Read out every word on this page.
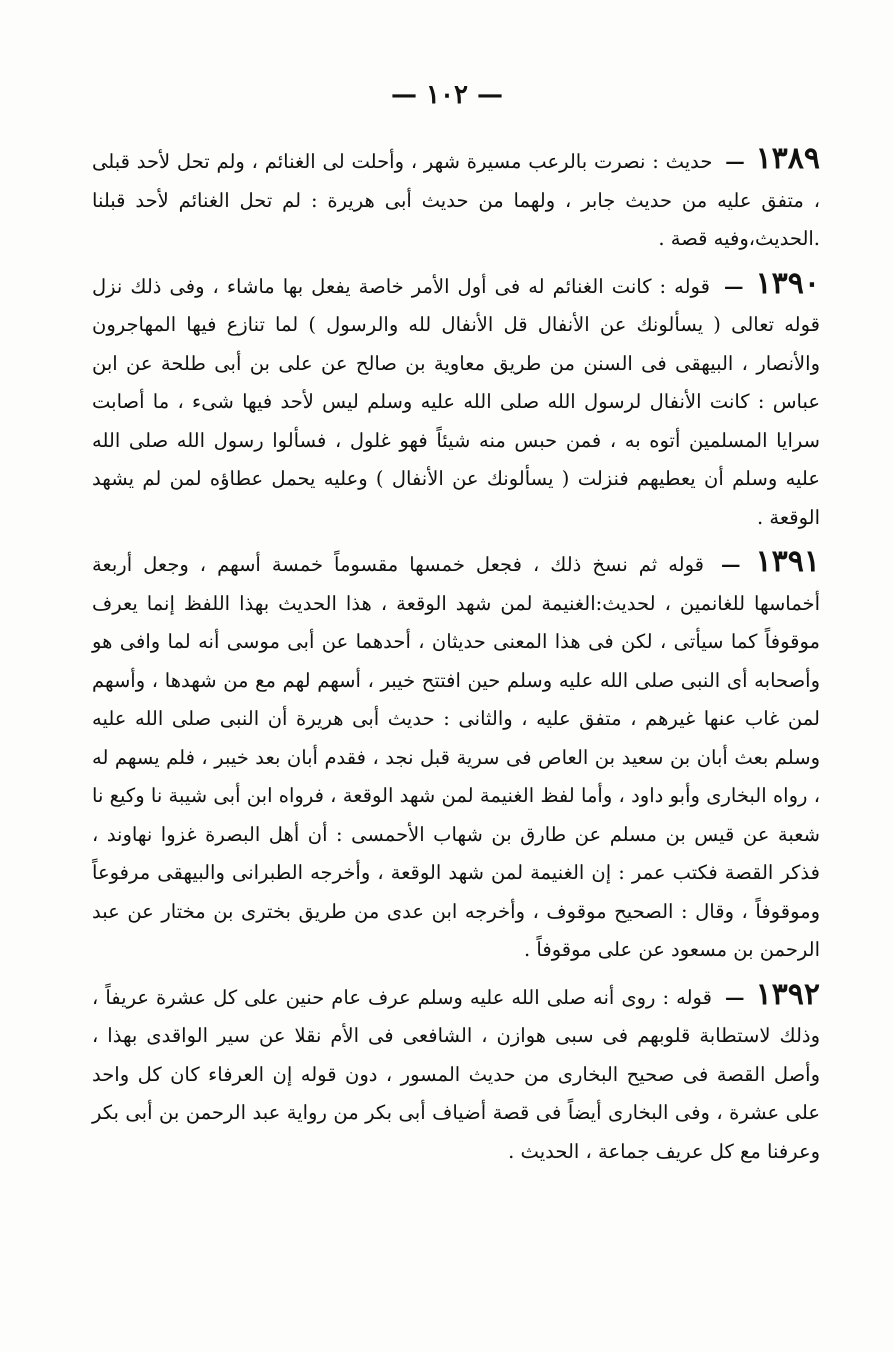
— ١٠٢ —

١٣٨٩ — حديث : نصرت بالرعب مسيرة شهر ، وأحلت لى الغنائم ، ولم تحل لأحد قبلى ، متفق عليه من حديث جابر ، ولهما من حديث أبى هريرة : لم تحل الغنائم لأحد قبلنا .الحديث،وفيه قصة .

١٣٩٠ — قوله : كانت الغنائم له فى أول الأمر خاصة يفعل بها ماشاء ، وفى ذلك نزل قوله تعالى ( يسألونك عن الأنفال قل الأنفال لله والرسول ) لما تنازع فيها المهاجرون والأنصار ، البيهقى فى السنن من طريق معاوية بن صالح عن على بن أبى طلحة عن ابن عباس : كانت الأنفال لرسول الله صلى الله عليه وسلم ليس لأحد فيها شىء ، ما أصابت سرايا المسلمين أتوه به ، فمن حبس منه شيئاً فهو غلول ، فسألوا رسول الله صلى الله عليه وسلم أن يعطيهم فنزلت ( يسألونك عن الأنفال ) وعليه يحمل عطاؤه لمن لم يشهد الوقعة .

١٣٩١ — قوله ثم نسخ ذلك ، فجعل خمسها مقسوماً خمسة أسهم ، وجعل أربعة أخماسها للغانمين ، لحديث:الغنيمة لمن شهد الوقعة ، هذا الحديث بهذا اللفظ إنما يعرف موقوفاً كما سيأتى ، لكن فى هذا المعنى حديثان ، أحدهما عن أبى موسى أنه لما وافى هو وأصحابه أى النبى صلى الله عليه وسلم حين افتتح خيبر ، أسهم لهم مع من شهدها ، وأسهم لمن غاب عنها غيرهم ، متفق عليه ، والثانى : حديث أبى هريرة أن النبى صلى الله عليه وسلم بعث أبان بن سعيد بن العاص فى سرية قبل نجد ، فقدم أبان بعد خيبر ، فلم يسهم له ، رواه البخارى وأبو داود ، وأما لفظ الغنيمة لمن شهد الوقعة ، فرواه ابن أبى شيبة نا وكيع نا شعبة عن قيس بن مسلم عن طارق بن شهاب الأحمسى : أن أهل البصرة غزوا نهاوند ، فذكر القصة فكتب عمر : إن الغنيمة لمن شهد الوقعة ، وأخرجه الطبرانى والبيهقى مرفوعاً وموقوفاً ، وقال : الصحيح موقوف ، وأخرجه ابن عدى من طريق بختری بن مختار عن عبد الرحمن بن مسعود عن على موقوفاً .

١٣٩٢ — قوله : روى أنه صلى الله عليه وسلم عرف عام حنين على كل عشرة عريفاً ، وذلك لاستطابة قلوبهم فى سبى هوازن ، الشافعى فى الأم نقلا عن سير الواقدى بهذا ، وأصل القصة فى صحيح البخارى من حديث المسور ، دون قوله إن العرفاء كان كل واحد على عشرة ، وفى البخارى أيضاً فى قصة أضياف أبى بكر من رواية عبد الرحمن بن أبى بكر وعرفنا مع كل عريف جماعة ، الحديث .
